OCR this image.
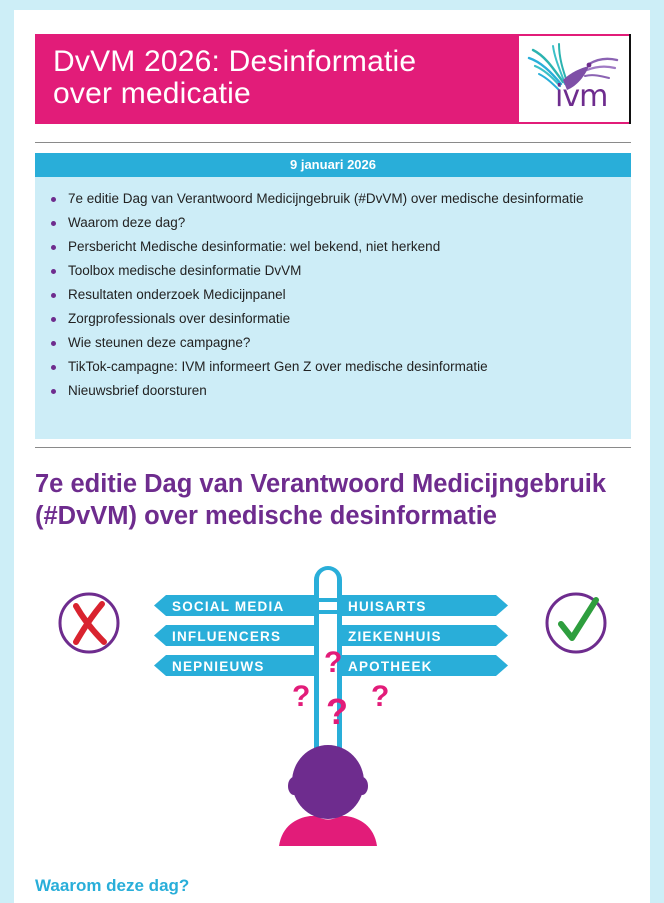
DvVM 2026: Desinformatie
over medicatie	ivm
9 januari 2026
7e editie Dag van Verantwoord Medicijngebruik (#DvVM) over medische desinformatie
Waarom deze dag?
Persbericht Medische desinformatie: wel bekend, niet herkend
Toolbox medische desinformatie DvVM
Resultaten onderzoek Medicijnpanel
Zorgprofessionals over desinformatie
Wie steunen deze campagne?
TikTok-campagne: IVM informeert Gen Z over medische desinformatie
Nieuwsbrief doorsturen
7e editie Dag van Verantwoord Medicijngebruik (#DvVM) over medische desinformatie
SOCIAL MEDIA
INFLUENCERS
NEPNIEUWS
HUISARTS
ZIEKENHUIS
APOTHEEK
?
? ?
?
Waarom deze dag?
